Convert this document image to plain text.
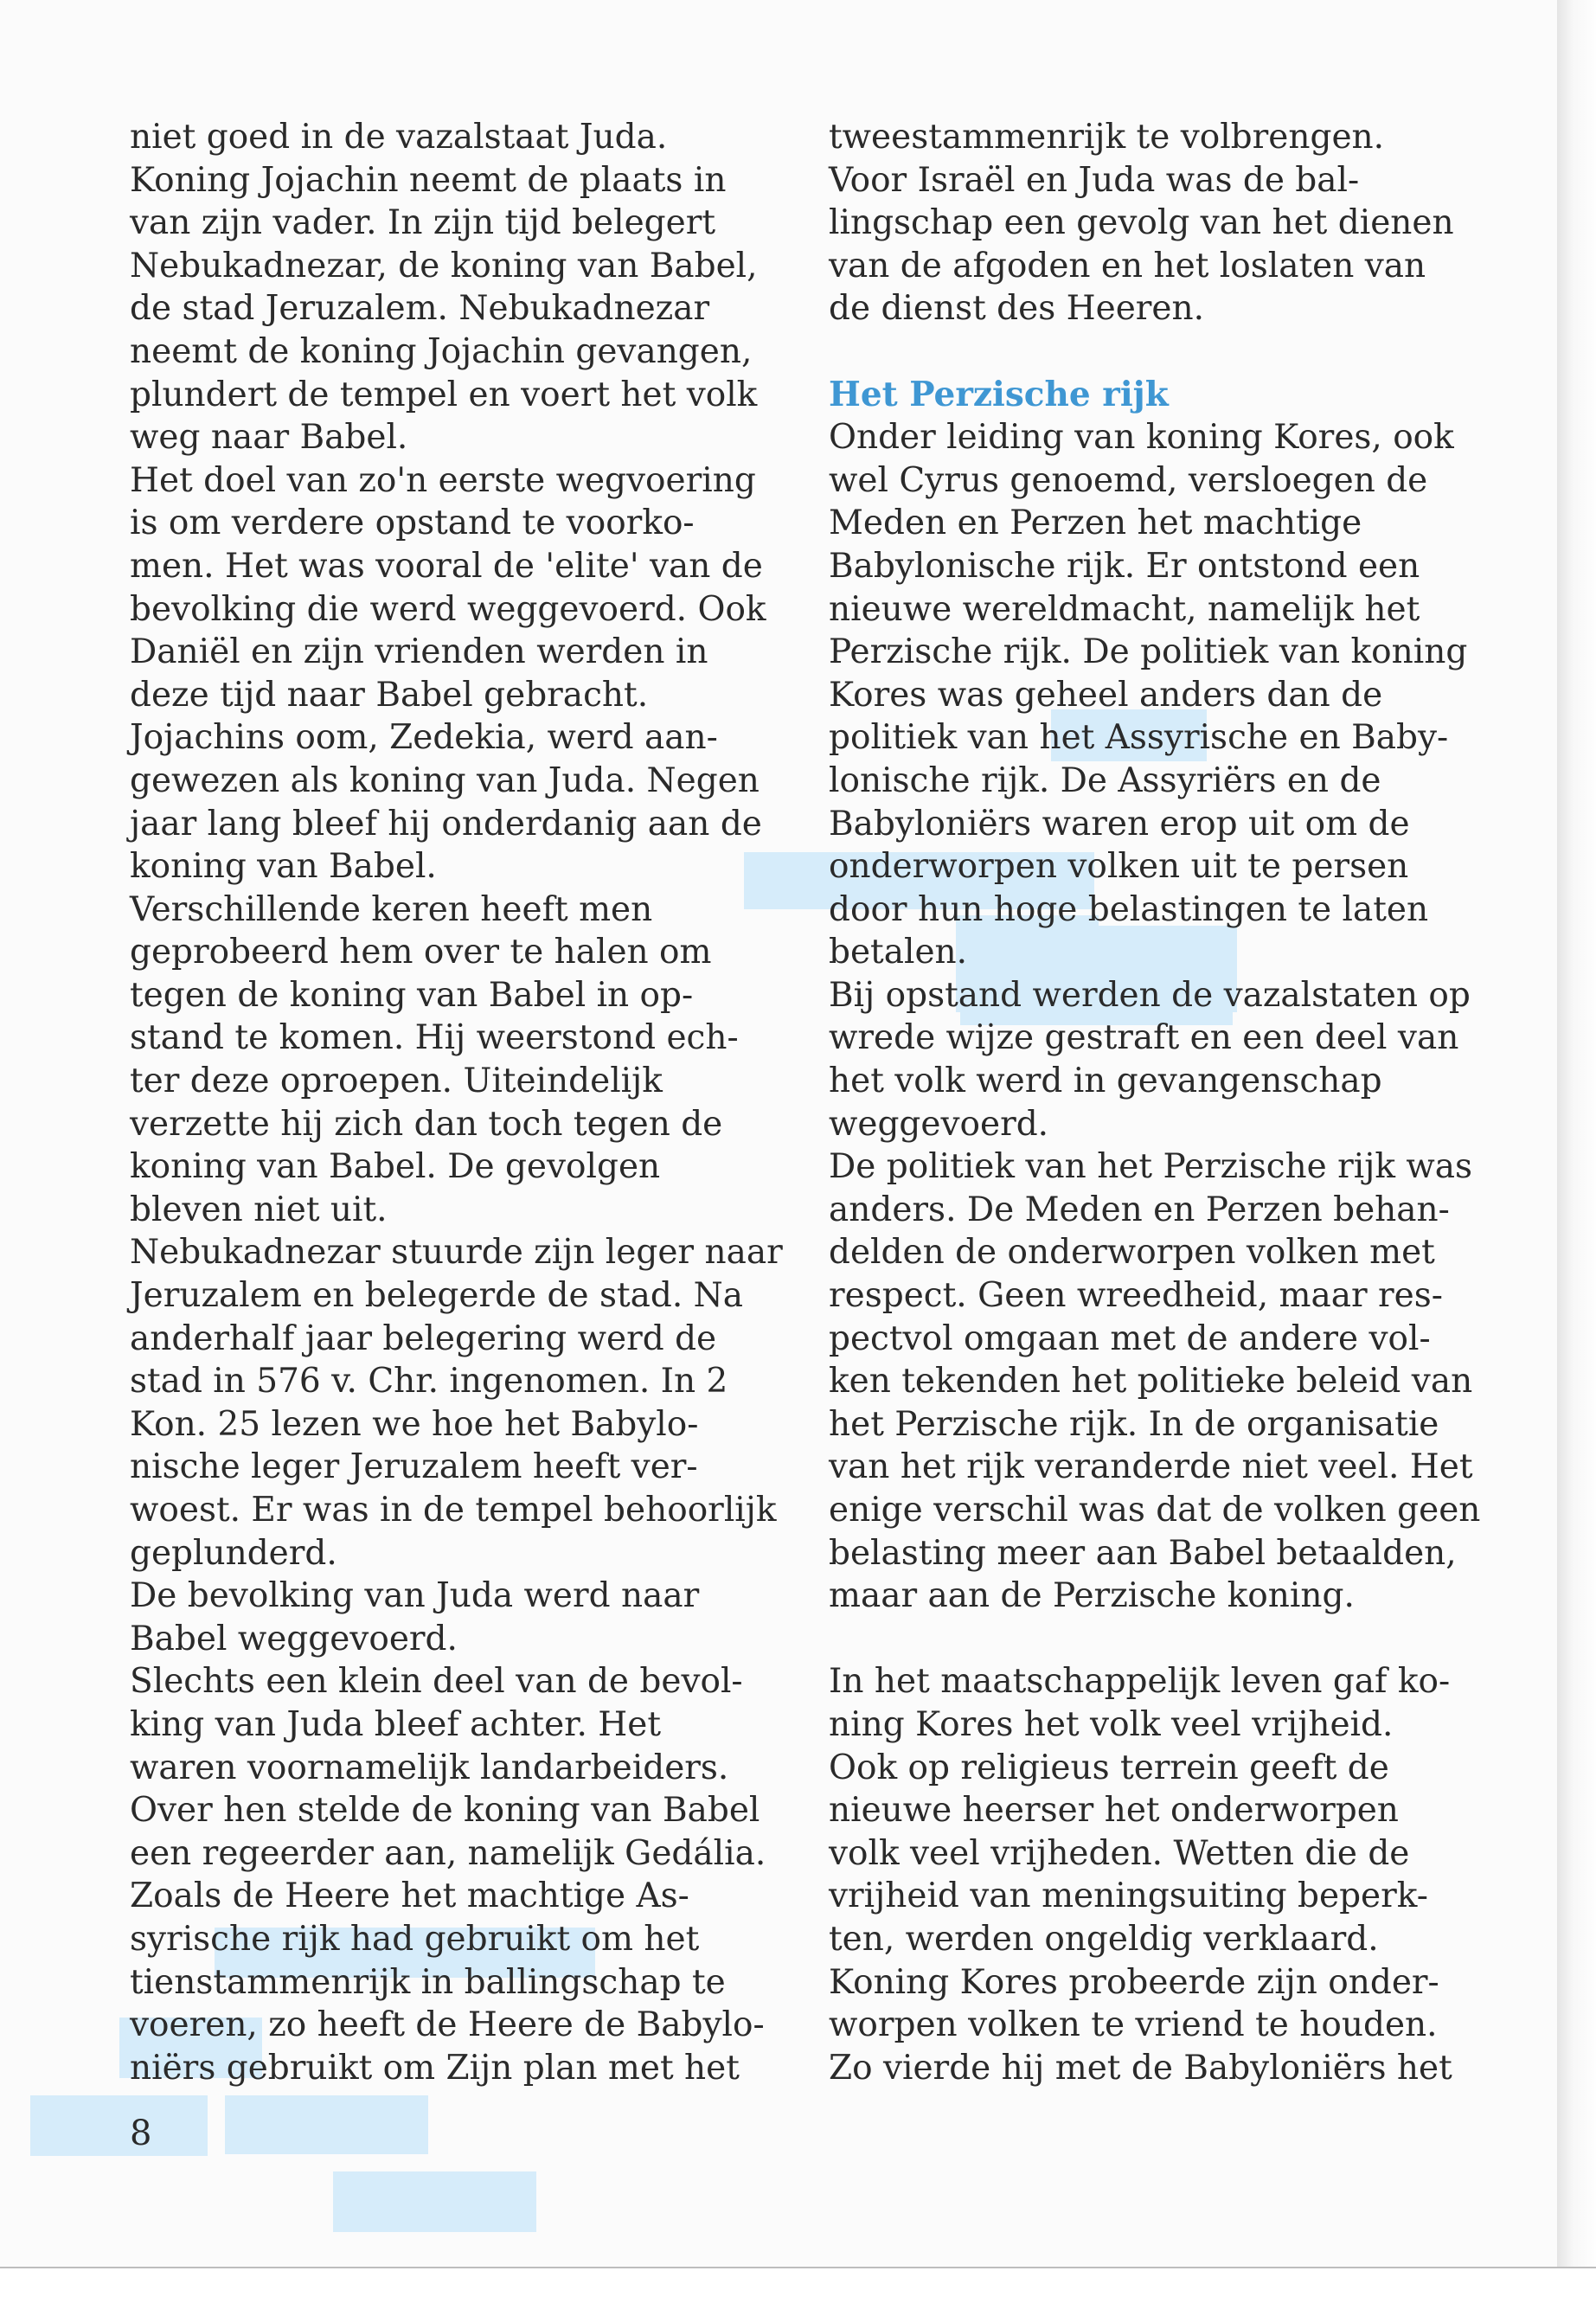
niet goed in de vazalstaat Juda.
Koning Jojachin neemt de plaats in
van zijn vader. In zijn tijd belegert
Nebukadnezar, de koning van Babel,
de stad Jeruzalem. Nebukadnezar
neemt de koning Jojachin gevangen,
plundert de tempel en voert het volk
weg naar Babel.
Het doel van zo'n eerste wegvoering
is om verdere opstand te voorko-
men. Het was vooral de 'elite' van de
bevolking die werd weggevoerd. Ook
Daniël en zijn vrienden werden in
deze tijd naar Babel gebracht.
Jojachins oom, Zedekia, werd aan-
gewezen als koning van Juda. Negen
jaar lang bleef hij onderdanig aan de
koning van Babel.
Verschillende keren heeft men
geprobeerd hem over te halen om
tegen de koning van Babel in op-
stand te komen. Hij weerstond ech-
ter deze oproepen. Uiteindelijk
verzette hij zich dan toch tegen de
koning van Babel. De gevolgen
bleven niet uit.
Nebukadnezar stuurde zijn leger naar
Jeruzalem en belegerde de stad. Na
anderhalf jaar belegering werd de
stad in 576 v. Chr. ingenomen. In 2
Kon. 25 lezen we hoe het Babylo-
nische leger Jeruzalem heeft ver-
woest. Er was in de tempel behoorlijk
geplunderd.
De bevolking van Juda werd naar
Babel weggevoerd.
Slechts een klein deel van de bevol-
king van Juda bleef achter. Het
waren voornamelijk landarbeiders.
Over hen stelde de koning van Babel
een regeerder aan, namelijk Gedália.
Zoals de Heere het machtige As-
syrische rijk had gebruikt om het
tienstammenrijk in ballingschap te
voeren, zo heeft de Heere de Babylo-
niërs gebruikt om Zijn plan met het
tweestammenrijk te volbrengen.
Voor Israël en Juda was de bal-
lingschap een gevolg van het dienen
van de afgoden en het loslaten van
de dienst des Heeren.
Het Perzische rijk
Onder leiding van koning Kores, ook
wel Cyrus genoemd, versloegen de
Meden en Perzen het machtige
Babylonische rijk. Er ontstond een
nieuwe wereldmacht, namelijk het
Perzische rijk. De politiek van koning
Kores was geheel anders dan de
politiek van het Assyrische en Baby-
lonische rijk. De Assyriërs en de
Babyloniërs waren erop uit om de
onderworpen volken uit te persen
door hun hoge belastingen te laten
betalen.
Bij opstand werden de vazalstaten op
wrede wijze gestraft en een deel van
het volk werd in gevangenschap
weggevoerd.
De politiek van het Perzische rijk was
anders. De Meden en Perzen behan-
delden de onderworpen volken met
respect. Geen wreedheid, maar res-
pectvol omgaan met de andere vol-
ken tekenden het politieke beleid van
het Perzische rijk. In de organisatie
van het rijk veranderde niet veel. Het
enige verschil was dat de volken geen
belasting meer aan Babel betaalden,
maar aan de Perzische koning.
In het maatschappelijk leven gaf ko-
ning Kores het volk veel vrijheid.
Ook op religieus terrein geeft de
nieuwe heerser het onderworpen
volk veel vrijheden. Wetten die de
vrijheid van meningsuiting beperk-
ten, werden ongeldig verklaard.
Koning Kores probeerde zijn onder-
worpen volken te vriend te houden.
Zo vierde hij met de Babyloniërs het
8
